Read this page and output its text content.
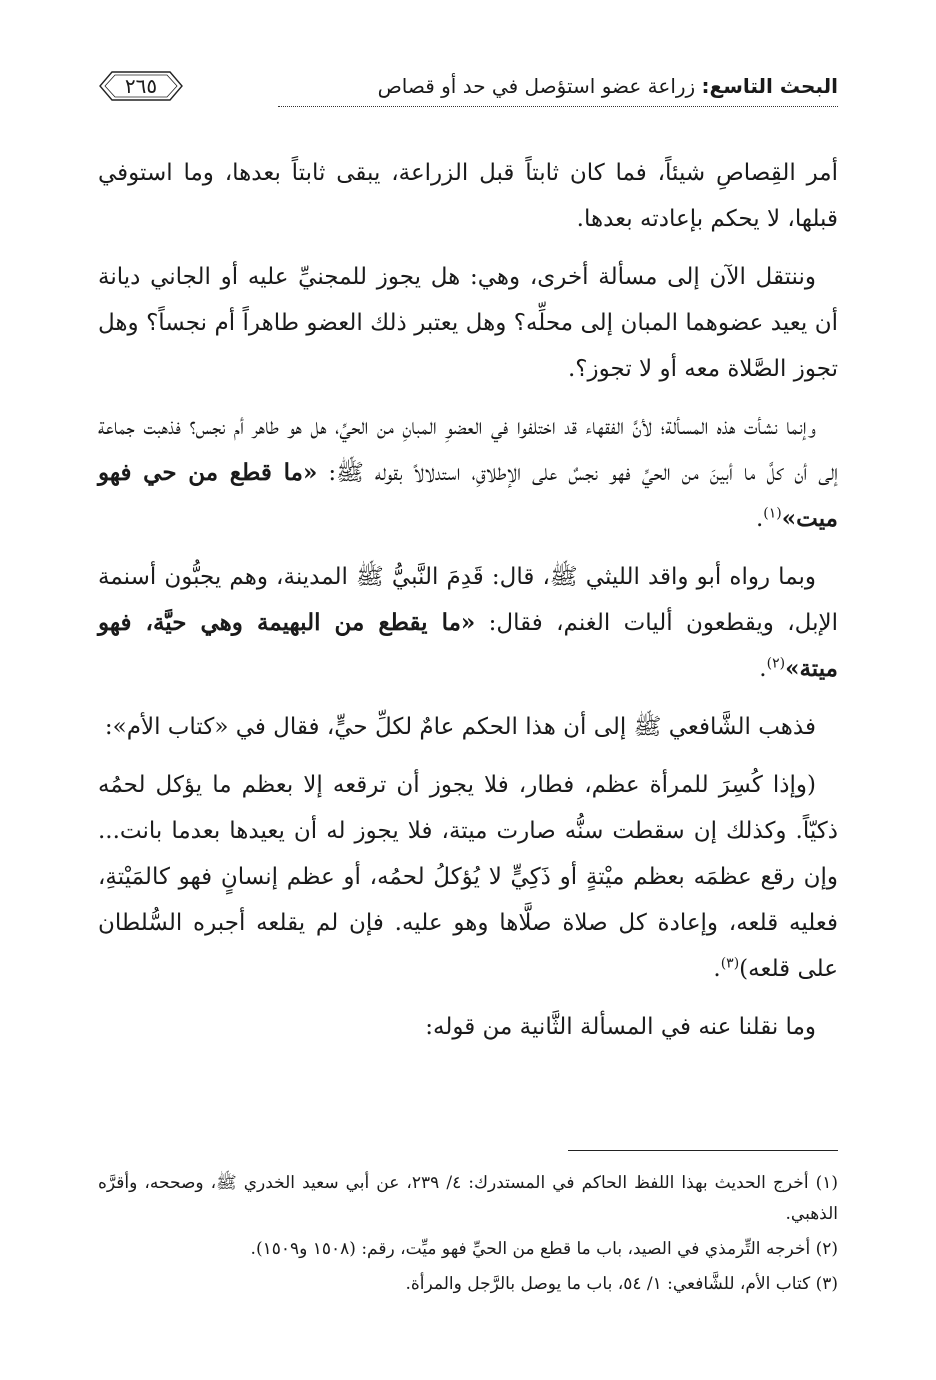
البحث التاسع: زراعة عضو استؤصل في حد أو قصاص
٢٦٥

أمر القِصاصِ شيئاً، فما كان ثابتاً قبل الزراعة، يبقى ثابتاً بعدها، وما استوفي قبلها، لا يحكم بإعادته بعدها.

وننتقل الآن إلى مسألة أخرى، وهي: هل يجوز للمجنيِّ عليه أو الجاني ديانة أن يعيد عضوهما المبان إلى محلِّه؟ وهل يعتبر ذلك العضو طاهراً أم نجساً؟ وهل تجوز الصَّلاة معه أو لا تجوز؟.

وإنما نشأت هذه المسألة؛ لأنَّ الفقهاء قد اختلفوا في العضوِ المبانِ من الحيِّ، هل هو طاهر أم نجس؟ فذهبت جماعة إلى أن كلَّ ما أبينَ من الحيِّ فهو نجسٌ على الإطلاقِ، استدلالاً بقوله ﷺ: «ما قطع من حي فهو ميت»$^{(١)}$.

وبما رواه أبو واقد الليثي ﷺ، قال: قَدِمَ النَّبيُّ ﷺ المدينة، وهم يجبُّون أسنمة الإبل، ويقطعون أليات الغنم، فقال: «ما يقطع من البهيمة وهي حيَّة، فهو ميتة»$^{(٢)}$.

فذهب الشَّافعي ﷺ إلى أن هذا الحكم عامٌ لكلِّ حيٍّ، فقال في «كتاب الأم»:

(وإذا كُسِرَ للمرأة عظم، فطار، فلا يجوز أن ترقعه إلا بعظم ما يؤكل لحمُه ذكيّاً. وكذلك إن سقطت سنُّه صارت ميتة، فلا يجوز له أن يعيدها بعدما بانت... وإن رقع عظمَه بعظم ميْتةٍ أو ذَكِيٍّ لا يُؤكلُ لحمُه، أو عظم إنسانٍ فهو كالمَيْتةِ، فعليه قلعه، وإعادة كل صلاة صلَّاها وهو عليه. فإن لم يقلعه أجبره السُّلطان على قلعه)$^{(٣)}$.

وما نقلنا عنه في المسألة الثَّانية من قوله:

(١) أخرج الحديث بهذا اللفظ الحاكم في المستدرك: ٤/ ٢٣٩، عن أبي سعيد الخدري ﷺ، وصححه، وأقرَّه الذهبي.

(٢) أخرجه التِّرمذي في الصيد، باب ما قطع من الحيِّ فهو ميِّت، رقم: (١٥٠٨ و١٥٠٩).

(٣) كتاب الأم، للشَّافعي: ١/ ٥٤، باب ما يوصل بالرَّجل والمرأة.
